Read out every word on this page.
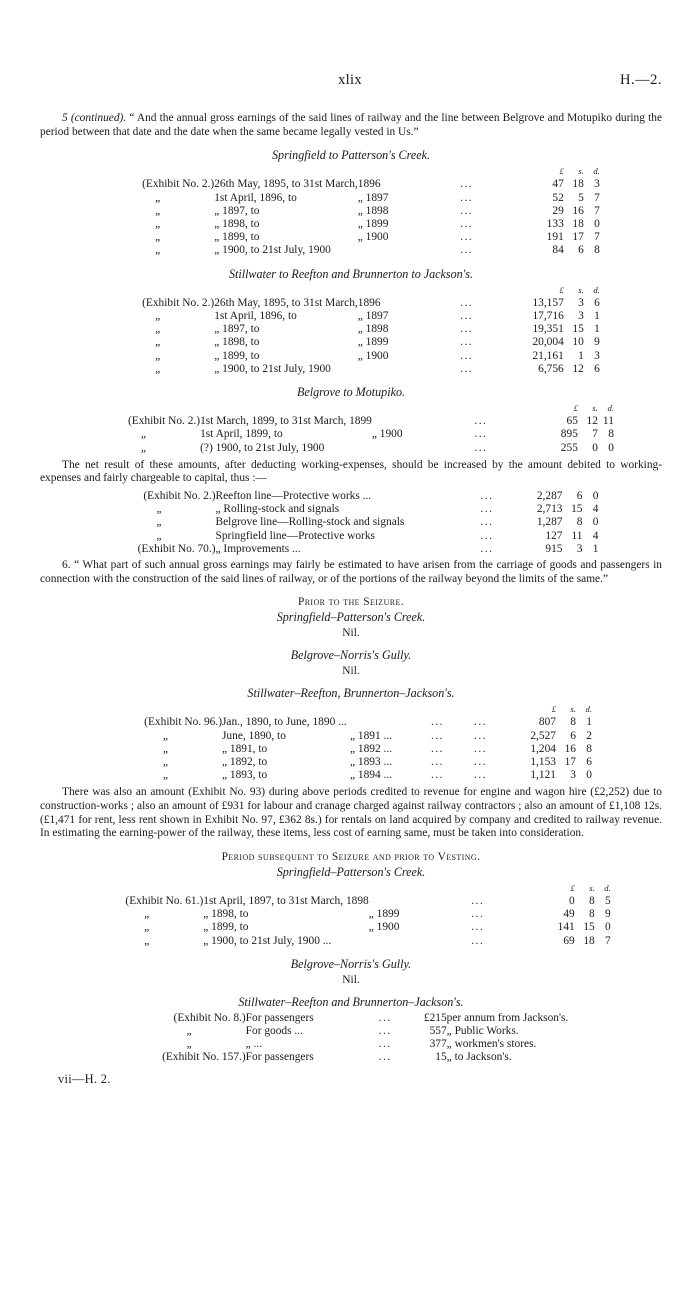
xlix	H.—2.

5 (continued). “ And the annual gross earnings of the said lines of railway and the line between Belgrove and Motupiko during the period between that date and the date when the same became legally vested in Us.”

Springfield to Patterson's Creek.
				£	s.	d.
(Exhibit No. 2.)	26th May, 1895, to 31st March,	1896	...	47	18	3
„	1st April, 1896, to	„ 1897	...	52	5	7
„	„ 1897, to	„ 1898	...	29	16	7
„	„ 1898, to	„ 1899	...	133	18	0
„	„ 1899, to	„ 1900	...	191	17	7
„	„ 1900, to 21st July, 1900		...	84	6	8
Stillwater to Reefton and Brunnerton to Jackson's.
				£	s.	d.
(Exhibit No. 2.)	26th May, 1895, to 31st March,	1896	...	13,157	3	6
„	1st April, 1896, to	„ 1897	...	17,716	3	1
„	„ 1897, to	„ 1898	...	19,351	15	1
„	„ 1898, to	„ 1899	...	20,004	10	9
„	„ 1899, to	„ 1900	...	21,161	1	3
„	„ 1900, to 21st July, 1900		...	6,756	12	6
Belgrove to Motupiko.
				£	s.	d.
(Exhibit No. 2.)	1st March, 1899, to 31st March, 1899		...	65	12	11
„	1st April, 1899, to	„ 1900	...	895	7	8
„	(?) 1900, to 21st July, 1900		...	255	0	0

The net result of these amounts, after deducting working-expenses, should be increased by the amount debited to working-expenses and fairly chargeable to capital, thus :—

(Exhibit No. 2.)	Reefton line—Protective works ...	...	2,287	6	0
„	„ Rolling-stock and signals	...	2,713	15	4
„	Belgrove line—Rolling-stock and signals	...	1,287	8	0
„	Springfield line—Protective works	...	127	11	4
(Exhibit No. 70.)	„ Improvements ...	...	915	3	1

6. “ What part of such annual gross earnings may fairly be estimated to have arisen from the carriage of goods and passengers in connection with the construction of the said lines of railway, or of the portions of the railway beyond the limits of the same.”

Prior to the Seizure.
Springfield–Patterson's Creek.
Nil.
Belgrove–Norris's Gully.
Nil.
Stillwater–Reefton, Brunnerton–Jackson's.
					£	s.	d.
(Exhibit No. 96.)	Jan., 1890, to June, 1890 ...		...	...	807	8	1
„	June, 1890, to	„ 1891 ...	...	...	2,527	6	2
„	„ 1891, to	„ 1892 ...	...	...	1,204	16	8
„	„ 1892, to	„ 1893 ...	...	...	1,153	17	6
„	„ 1893, to	„ 1894 ...	...	...	1,121	3	0

There was also an amount (Exhibit No. 93) during above periods credited to revenue for engine and wagon hire (£2,252) due to construction-works ; also an amount of £931 for labour and cranage charged against railway contractors ; also an amount of £1,108 12s. (£1,471 for rent, less rent shown in Exhibit No. 97, £362 8s.) for rentals on land acquired by company and credited to railway revenue. In estimating the earning-power of the railway, these items, less cost of earning same, must be taken into consideration.

Period subsequent to Seizure and prior to Vesting.
Springfield–Patterson's Creek.
				£	s.	d.
(Exhibit No. 61.)	1st April, 1897, to 31st March, 1898		...	0	8	5
„	„ 1898, to	„ 1899	...	49	8	9
„	„ 1899, to	„ 1900	...	141	15	0
„	„ 1900, to 21st July, 1900 ...		...	69	18	7
Belgrove–Norris's Gully.
Nil.
Stillwater–Reefton and Brunnerton–Jackson's.
(Exhibit No. 8.)	For passengers	...	£215	per annum from Jackson's.
„	For goods ...	...	557	„ Public Works.
„	„ ...	...	377	„ workmen's stores.
(Exhibit No. 157.)	For passengers	...	15	„ to Jackson's.
vii—H. 2.
